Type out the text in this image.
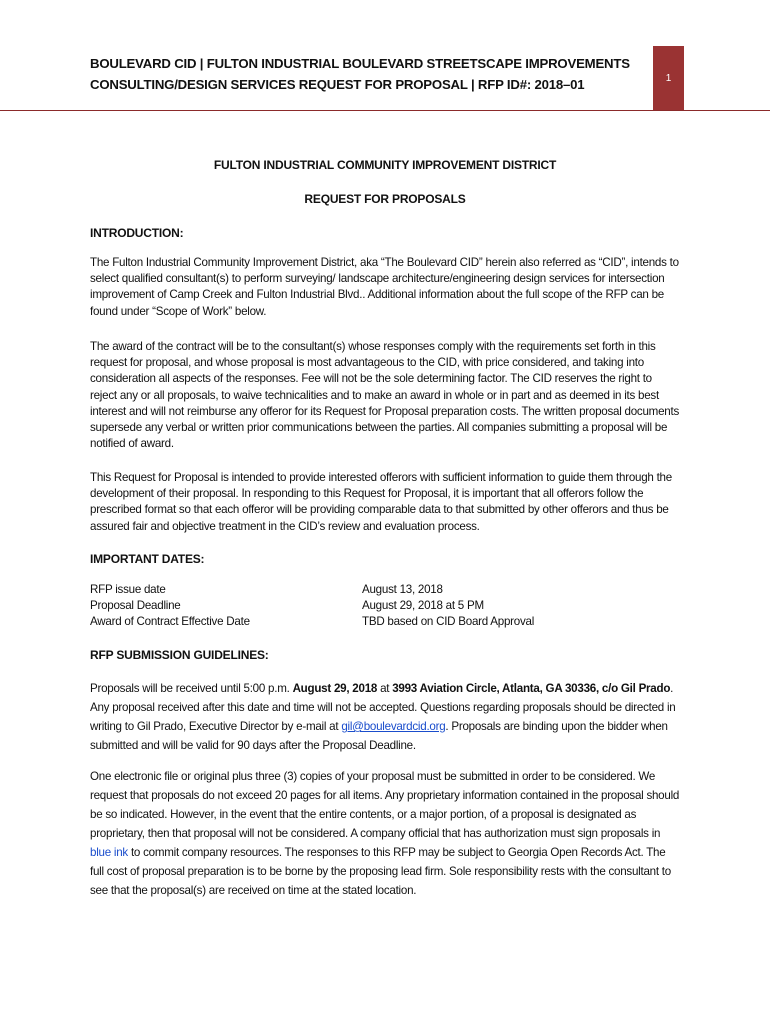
BOULEVARD CID | FULTON INDUSTRIAL BOULEVARD STREETSCAPE IMPROVEMENTS
CONSULTING/DESIGN SERVICES REQUEST FOR PROPOSAL | RFP ID#: 2018–01	1
FULTON INDUSTRIAL COMMUNITY IMPROVEMENT DISTRICT
REQUEST FOR PROPOSALS
INTRODUCTION:

The Fulton Industrial Community Improvement District, aka “The Boulevard CID” herein also referred as “CID”, intends to select qualified consultant(s) to perform surveying/ landscape architecture/engineering design services for intersection improvement of Camp Creek and Fulton Industrial Blvd.. Additional information about the full scope of the RFP can be found under “Scope of Work” below.

The award of the contract will be to the consultant(s) whose responses comply with the requirements set forth in this request for proposal, and whose proposal is most advantageous to the CID, with price considered, and taking into consideration all aspects of the responses. Fee will not be the sole determining factor. The CID reserves the right to reject any or all proposals, to waive technicalities and to make an award in whole or in part and as deemed in its best interest and will not reimburse any offeror for its Request for Proposal preparation costs. The written proposal documents supersede any verbal or written prior communications between the parties. All companies submitting a proposal will be notified of award.

This Request for Proposal is intended to provide interested offerors with sufficient information to guide them through the development of their proposal. In responding to this Request for Proposal, it is important that all offerors follow the prescribed format so that each offeror will be providing comparable data to that submitted by other offerors and thus be assured fair and objective treatment in the CID’s review and evaluation process.

IMPORTANT DATES:
RFP issue date	August 13, 2018
Proposal Deadline	August 29, 2018 at 5 PM
Award of Contract Effective Date	TBD based on CID Board Approval
RFP SUBMISSION GUIDELINES:

Proposals will be received until 5:00 p.m. August 29, 2018 at 3993 Aviation Circle, Atlanta, GA 30336, c/o Gil Prado. Any proposal received after this date and time will not be accepted. Questions regarding proposals should be directed in writing to Gil Prado, Executive Director by e-mail at gil@boulevardcid.org. Proposals are binding upon the bidder when submitted and will be valid for 90 days after the Proposal Deadline.

One electronic file or original plus three (3) copies of your proposal must be submitted in order to be considered. We request that proposals do not exceed 20 pages for all items. Any proprietary information contained in the proposal should be so indicated. However, in the event that the entire contents, or a major portion, of a proposal is designated as proprietary, then that proposal will not be considered. A company official that has authorization must sign proposals in blue ink to commit company resources. The responses to this RFP may be subject to Georgia Open Records Act. The full cost of proposal preparation is to be borne by the proposing lead firm. Sole responsibility rests with the consultant to see that the proposal(s) are received on time at the stated location.
